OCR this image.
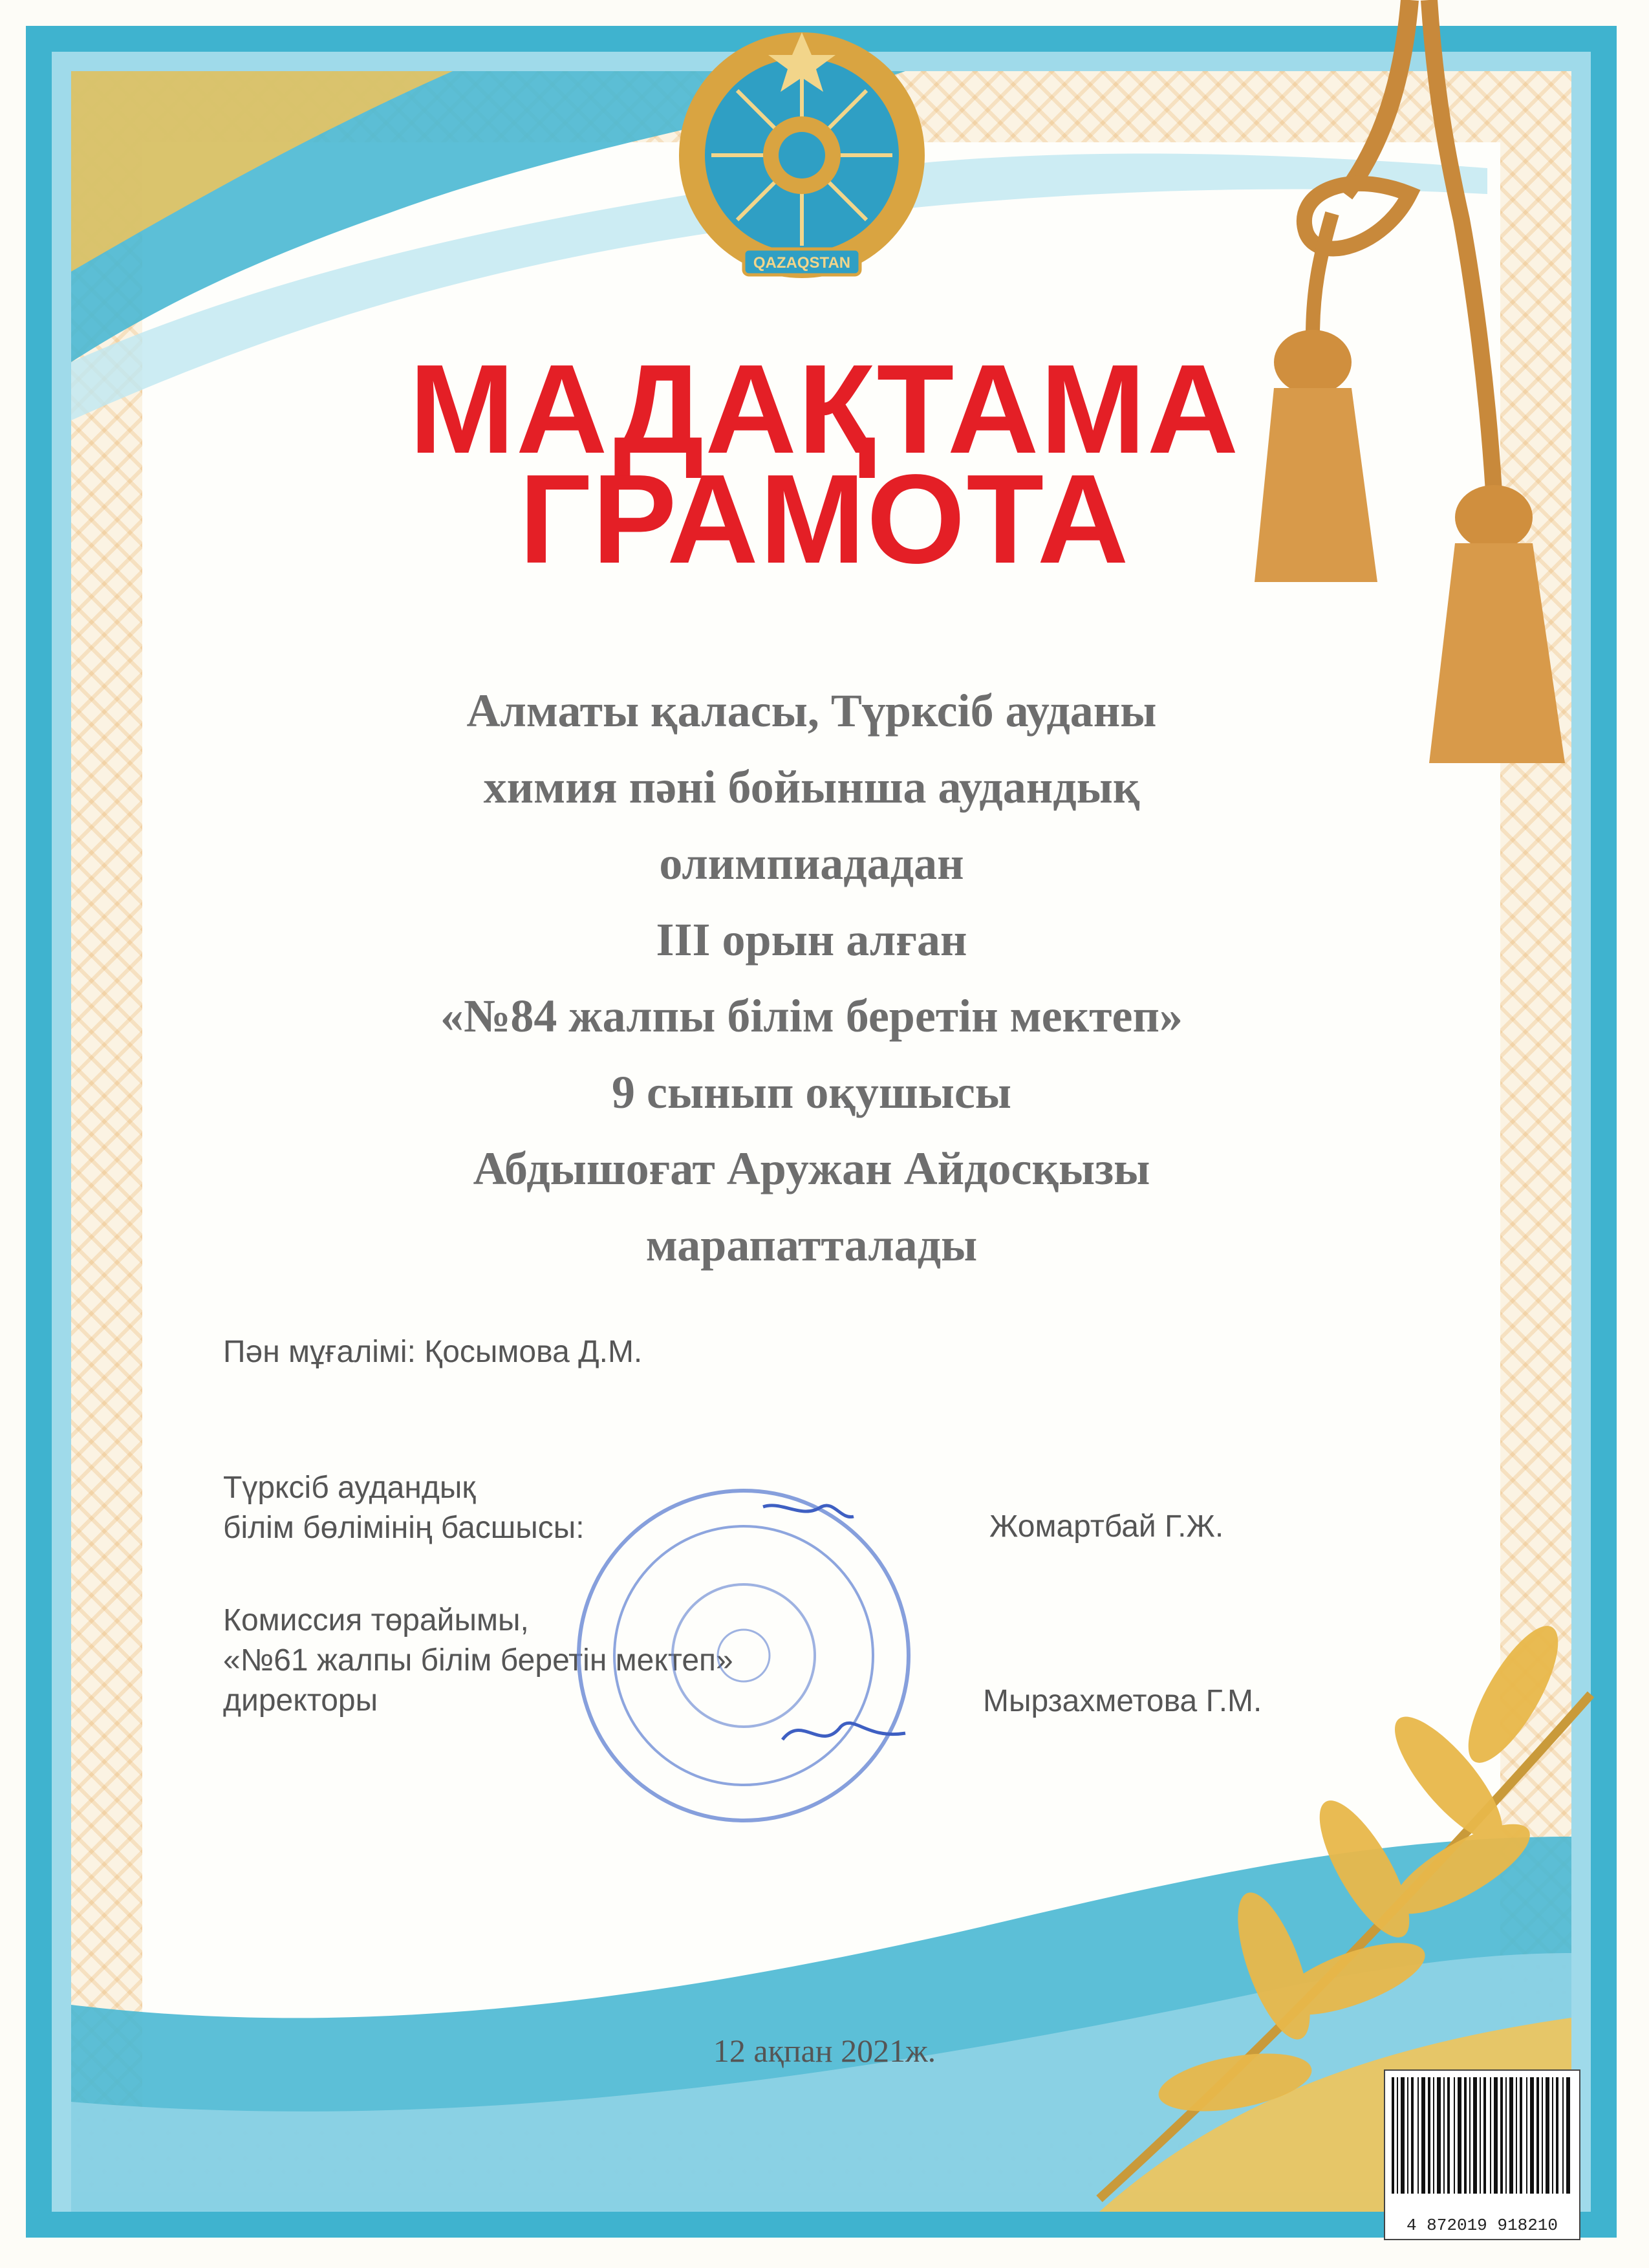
QAZAQSTAN
МАДАҚТАМА
ГРАМОТА
Алматы қаласы, Түрксіб ауданы
химия пәні бойынша аудандық
олимпиададан
III орын алған
«№84 жалпы білім беретін мектеп»
9 сынып оқушысы
Абдышоғат Аружан Айдосқызы
марапатталады
Пән мұғалімі: Қосымова Д.М.
Түрксіб аудандық
білім бөлімінің басшысы:	Жомартбай Г.Ж.
Комиссия төрайымы,
«№61 жалпы білім беретін мектеп»
директоры	Мырзахметова Г.М.
4 872019 918210
12 ақпан 2021ж.
